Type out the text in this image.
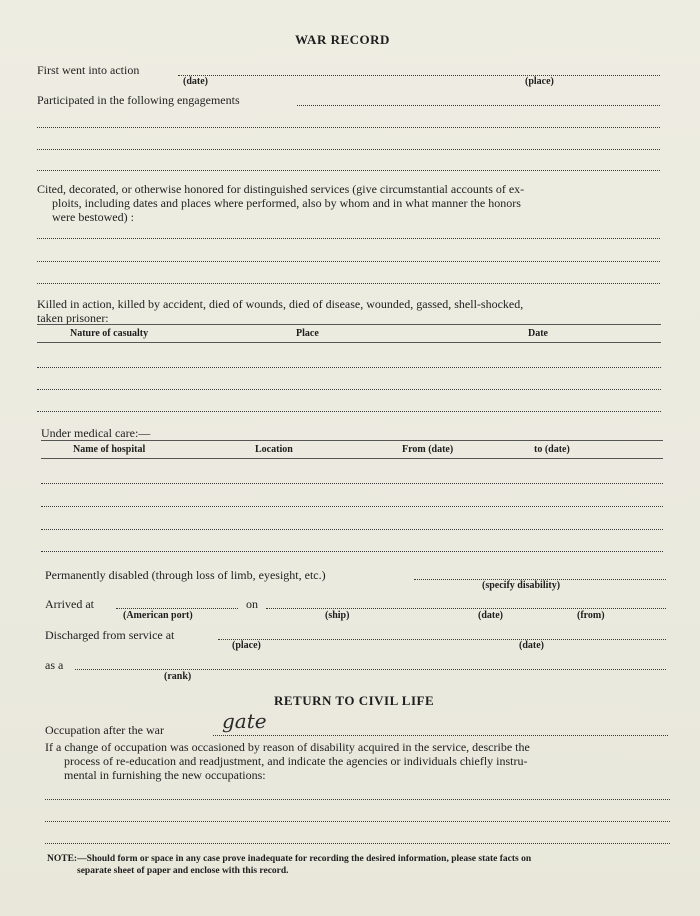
WAR RECORD
First went into action
(date)	(place)
Participated in the following engagements
Cited, decorated, or otherwise honored for distinguished services (give circumstantial accounts of ex-
ploits, including dates and places where performed, also by whom and in what manner the honors
were bestowed) :
Killed in action, killed by accident, died of wounds, died of disease, wounded, gassed, shell-shocked,
taken prisoner:
Nature of casualty	Place	Date
Under medical care:—
Name of hospital	Location	From (date)	to (date)
Permanently disabled (through loss of limb, eyesight, etc.)
(specify disability)
Arrived at	on
(American port)	(ship)	(date)	(from)
Discharged from service at
(place)	(date)
as a
(rank)
RETURN TO CIVIL LIFE
Occupation after the war	gate
If a change of occupation was occasioned by reason of disability acquired in the service, describe the
process of re-education and readjustment, and indicate the agencies or individuals chiefly instru-
mental in furnishing the new occupations:
NOTE:—Should form or space in any case prove inadequate for recording the desired information, please state facts on
separate sheet of paper and enclose with this record.
